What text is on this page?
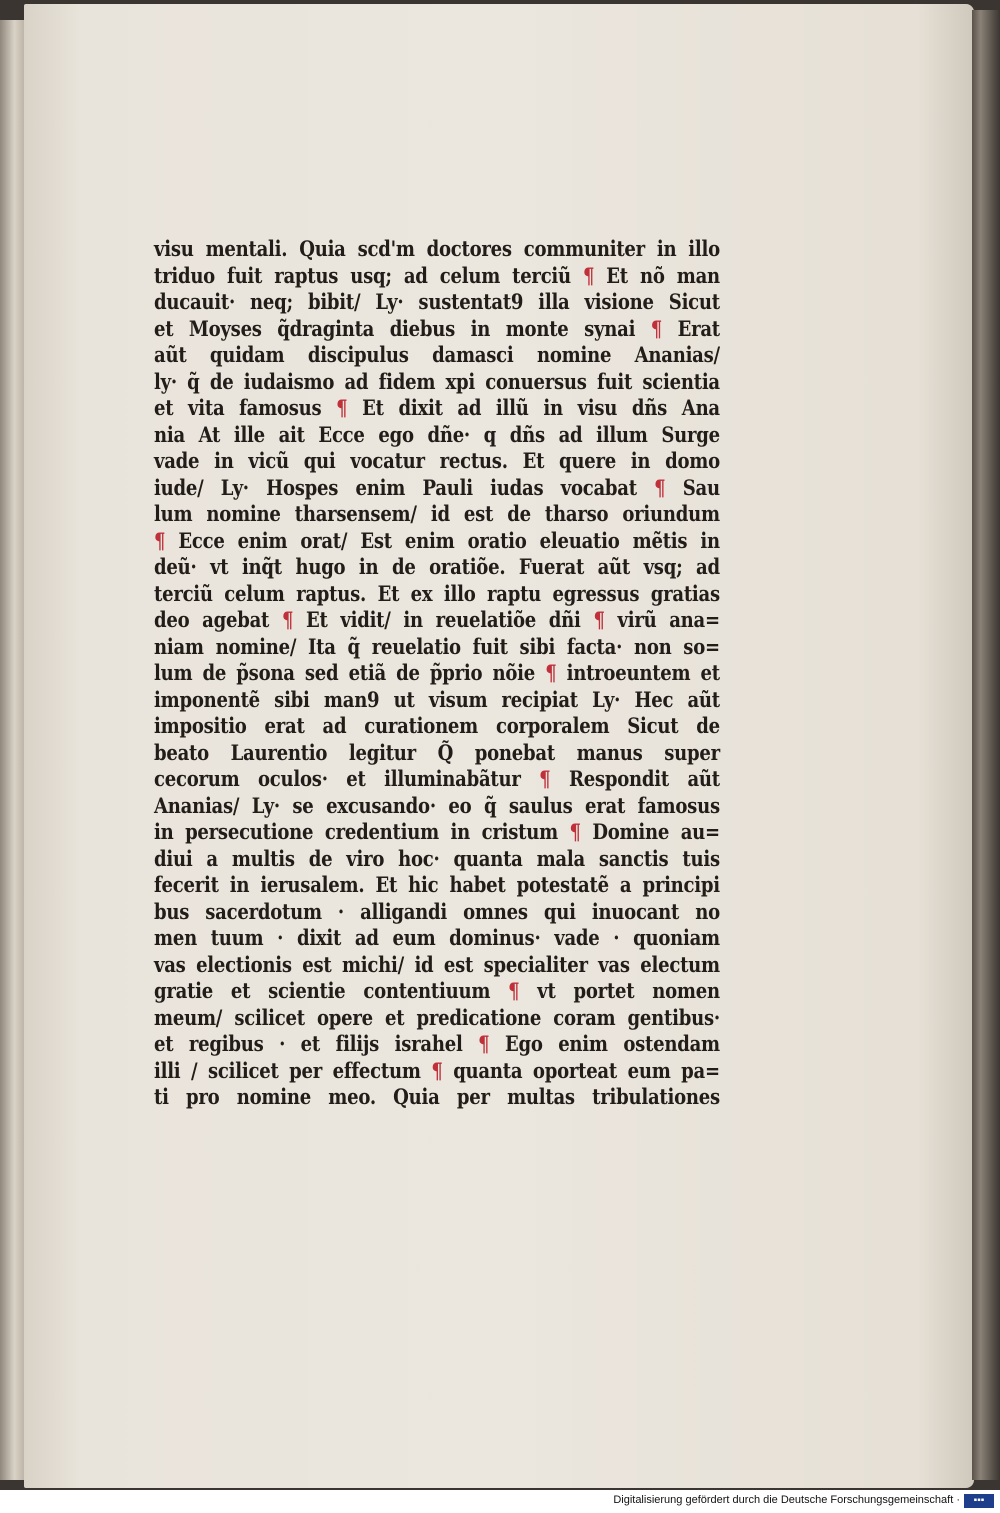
visu mentali. Quia scd'm doctores communiter in illo
triduo fuit raptus usq; ad celum terciũ ¶ Et nõ man
ducauit· neq; bibit/ Ly· sustentat9 illa visione Sicut
et Moyses q̃draginta diebus in monte synai ¶ Erat
aũt quidam discipulus damasci nomine Ananias/
ly· q̃ de iudaismo ad fidem xpi conuersus fuit scientia
et vita famosus ¶ Et dixit ad illũ in visu dñs Ana
nia At ille ait Ecce ego dñe· q dñs ad illum Surge
vade in vicũ qui vocatur rectus. Et quere in domo
iude/ Ly· Hospes enim Pauli iudas vocabat ¶ Sau
lum nomine tharsensem/ id est de tharso oriundum
¶ Ecce enim orat/ Est enim oratio eleuatio mẽtis in
deũ· vt inq̃t hugo in de oratiõe. Fuerat aũt vsq; ad
terciũ celum raptus. Et ex illo raptu egressus gratias
deo agebat ¶ Et vidit/ in reuelatiõe dñi ¶ virũ ana=
niam nomine/ Ita q̃ reuelatio fuit sibi facta· non so=
lum de p̃sona sed etiã de p̃prio nõie ¶ introeuntem et
imponentẽ sibi man9 ut visum recipiat Ly· Hec aũt
impositio erat ad curationem corporalem Sicut de
beato Laurentio legitur Q̃ ponebat manus super
cecorum oculos· et illuminabãtur ¶ Respondit aũt
Ananias/ Ly· se excusando· eo q̃ saulus erat famosus
in persecutione credentium in cristum ¶ Domine au=
diui a multis de viro hoc· quanta mala sanctis tuis
fecerit in ierusalem. Et hic habet potestatẽ a principi
bus sacerdotum · alligandi omnes qui inuocant no
men tuum · dixit ad eum dominus· vade · quoniam
vas electionis est michi/ id est specialiter vas electum
gratie et scientie contentiuum ¶ vt portet nomen
meum/ scilicet opere et predicatione coram gentibus·
et regibus · et filijs israhel ¶ Ego enim ostendam
illi / scilicet per effectum ¶ quanta oporteat eum pa=
ti pro nomine meo. Quia per multas tribulationes
Digitalisierung gefördert durch die Deutsche Forschungsgemeinschaft ·	▪▪▪
